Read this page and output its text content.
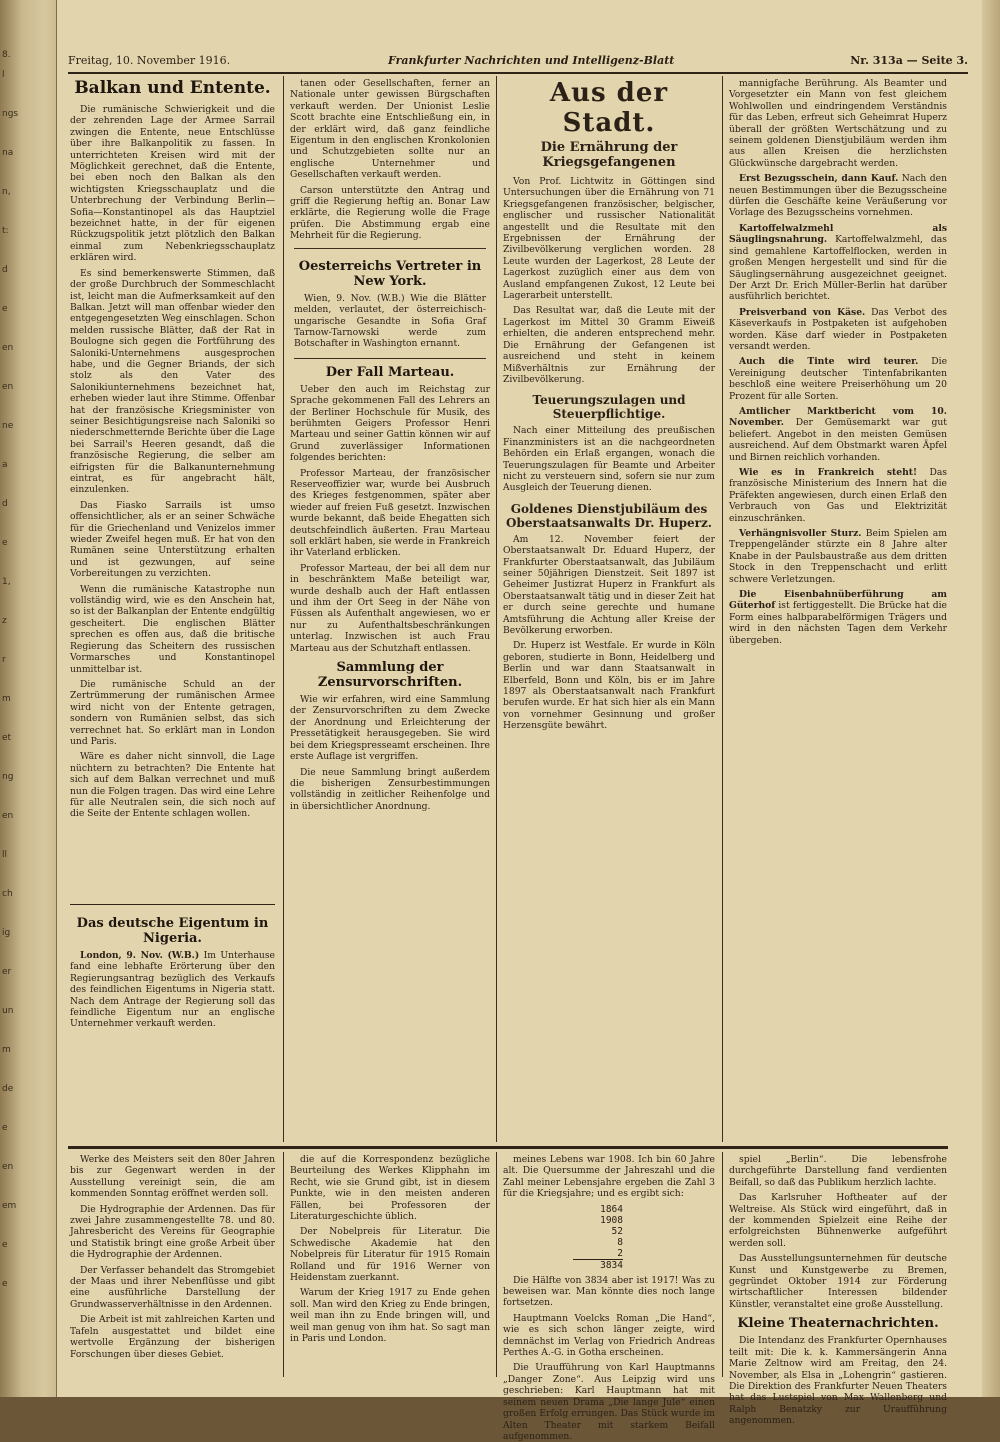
8.
l
ngs
na
n,
t:
d
e
en
en
ne
a
d
e
1,
z
r
m
et
ng
en
ll
ch
ig
er
un
m
de
e
en
em
e
e
Freitag, 10. November 1916.	Frankfurter Nachrichten und Intelligenz-Blatt	Nr. 313a — Seite 3.
Balkan und Entente.

Die rumänische Schwierigkeit und die der zehrenden Lage der Armee Sarrail zwingen die Entente, neue Entschlüsse über ihre Balkanpolitik zu fassen. In unterrichteten Kreisen wird mit der Möglichkeit gerechnet, daß die Entente, bei eben noch den Balkan als den wichtigsten Kriegsschauplatz und die Unterbrechung der Verbindung Berlin—Sofia—Konstantinopel als das Hauptziel bezeichnet hatte, in der für eigenen Rückzugspolitik jetzt plötzlich den Balkan einmal zum Nebenkriegsschauplatz erklären wird.

Es sind bemerkenswerte Stimmen, daß der große Durchbruch der Sommeschlacht ist, leicht man die Aufmerksamkeit auf den Balkan. Jetzt will man offenbar wieder den entgegengesetzten Weg einschlagen. Schon melden russische Blätter, daß der Rat in Boulogne sich gegen die Fortführung des Saloniki-Unternehmens ausgesprochen habe, und die Gegner Briands, der sich stolz als den Vater des Salonikiunternehmens bezeichnet hat, erheben wieder laut ihre Stimme. Offenbar hat der französische Kriegsminister von seiner Besichtigungsreise nach Saloniki so niederschmetternde Berichte über die Lage bei Sarrail's Heeren gesandt, daß die französische Regierung, die selber am eifrigsten für die Balkanunternehmung eintrat, es für angebracht hält, einzulenken.

Das Fiasko Sarrails ist umso offensichtlicher, als er an seiner Schwäche für die Griechenland und Venizelos immer wieder Zweifel hegen muß. Er hat von den Rumänen seine Unterstützung erhalten und ist gezwungen, auf seine Vorbereitungen zu verzichten.

Wenn die rumänische Katastrophe nun vollständig wird, wie es den Anschein hat, so ist der Balkanplan der Entente endgültig gescheitert. Die englischen Blätter sprechen es offen aus, daß die britische Regierung das Scheitern des russischen Vormarsches und Konstantinopel unmittelbar ist.

Die rumänische Schuld an der Zertrümmerung der rumänischen Armee wird nicht von der Entente getragen, sondern von Rumänien selbst, das sich verrechnet hat. So erklärt man in London und Paris.

Wäre es daher nicht sinnvoll, die Lage nüchtern zu betrachten? Die Entente hat sich auf dem Balkan verrechnet und muß nun die Folgen tragen. Das wird eine Lehre für alle Neutralen sein, die sich noch auf die Seite der Entente schlagen wollen.

Das deutsche Eigentum in Nigeria.

London, 9. Nov. (W.B.) Im Unterhause fand eine lebhafte Erörterung über den Regierungsantrag bezüglich des Verkaufs des feindlichen Eigentums in Nigeria statt. Nach dem Antrage der Regierung soll das feindliche Eigentum nur an englische Unternehmer verkauft werden.

tanen oder Gesellschaften, ferner an Nationale unter gewissen Bürgschaften verkauft werden. Der Unionist Leslie Scott brachte eine Entschließung ein, in der erklärt wird, daß ganz feindliche Eigentum in den englischen Kronkolonien und Schutzgebieten sollte nur an englische Unternehmer und Gesellschaften verkauft werden.

Carson unterstützte den Antrag und griff die Regierung heftig an. Bonar Law erklärte, die Regierung wolle die Frage prüfen. Die Abstimmung ergab eine Mehrheit für die Regierung.

Oesterreichs Vertreter in New York.

Wien, 9. Nov. (W.B.) Wie die Blätter melden, verlautet, der österreichisch-ungarische Gesandte in Sofia Graf Tarnow-Tarnowski werde zum Botschafter in Washington ernannt.

Der Fall Marteau.

Ueber den auch im Reichstag zur Sprache gekommenen Fall des Lehrers an der Berliner Hochschule für Musik, des berühmten Geigers Professor Henri Marteau und seiner Gattin können wir auf Grund zuverlässiger Informationen folgendes berichten:

Professor Marteau, der französischer Reserveoffizier war, wurde bei Ausbruch des Krieges festgenommen, später aber wieder auf freien Fuß gesetzt. Inzwischen wurde bekannt, daß beide Ehegatten sich deutschfeindlich äußerten. Frau Marteau soll erklärt haben, sie werde in Frankreich ihr Vaterland erblicken.

Professor Marteau, der bei all dem nur in beschränktem Maße beteiligt war, wurde deshalb auch der Haft entlassen und ihm der Ort Seeg in der Nähe von Füssen als Aufenthalt angewiesen, wo er nur zu Aufenthaltsbeschränkungen unterlag. Inzwischen ist auch Frau Marteau aus der Schutzhaft entlassen.

Sammlung der Zensurvorschriften.

Wie wir erfahren, wird eine Sammlung der Zensurvorschriften zu dem Zwecke der Anordnung und Erleichterung der Pressetätigkeit herausgegeben. Sie wird bei dem Kriegspresseamt erscheinen. Ihre erste Auflage ist vergriffen.

Die neue Sammlung bringt außerdem die bisherigen Zensurbestimmungen vollständig in zeitlicher Reihenfolge und in übersichtlicher Anordnung.

Aus der Stadt.
Die Ernährung der Kriegsgefangenen

Von Prof. Lichtwitz in Göttingen sind Untersuchungen über die Ernährung von 71 Kriegsgefangenen französischer, belgischer, englischer und russischer Nationalität angestellt und die Resultate mit den Ergebnissen der Ernährung der Zivilbevölkerung verglichen worden. 28 Leute wurden der Lagerkost, 28 Leute der Lagerkost zuzüglich einer aus dem von Ausland empfangenen Zukost, 12 Leute bei Lagerarbeit unterstellt.

Das Resultat war, daß die Leute mit der Lagerkost im Mittel 30 Gramm Eiweiß erhielten, die anderen entsprechend mehr. Die Ernährung der Gefangenen ist ausreichend und steht in keinem Mißverhältnis zur Ernährung der Zivilbevölkerung.

Teuerungszulagen und Steuerpflichtige.

Nach einer Mitteilung des preußischen Finanzministers ist an die nachgeordneten Behörden ein Erlaß ergangen, wonach die Teuerungszulagen für Beamte und Arbeiter nicht zu versteuern sind, sofern sie nur zum Ausgleich der Teuerung dienen.

Goldenes Dienstjubiläum des Oberstaatsanwalts Dr. Huperz.

Am 12. November feiert der Oberstaatsanwalt Dr. Eduard Huperz, der Frankfurter Oberstaatsanwalt, das Jubiläum seiner 50jährigen Dienstzeit. Seit 1897 ist Geheimer Justizrat Huperz in Frankfurt als Oberstaatsanwalt tätig und in dieser Zeit hat er durch seine gerechte und humane Amtsführung die Achtung aller Kreise der Bevölkerung erworben.

Dr. Huperz ist Westfale. Er wurde in Köln geboren, studierte in Bonn, Heidelberg und Berlin und war dann Staatsanwalt in Elberfeld, Bonn und Köln, bis er im Jahre 1897 als Oberstaatsanwalt nach Frankfurt berufen wurde. Er hat sich hier als ein Mann von vornehmer Gesinnung und großer Herzensgüte bewährt.

mannigfache Berührung. Als Beamter und Vorgesetzter ein Mann von fest gleichem Wohlwollen und eindringendem Verständnis für das Leben, erfreut sich Geheimrat Huperz überall der größten Wertschätzung und zu seinem goldenen Dienstjubiläum werden ihm aus allen Kreisen die herzlichsten Glückwünsche dargebracht werden.

Erst Bezugsschein, dann Kauf. Nach den neuen Bestimmungen über die Bezugsscheine dürfen die Geschäfte keine Veräußerung vor Vorlage des Bezugsscheins vornehmen.

Kartoffelwalzmehl als Säuglingsnahrung. Kartoffelwalzmehl, das sind gemahlene Kartoffelflocken, werden in großen Mengen hergestellt und sind für die Säuglingsernährung ausgezeichnet geeignet. Der Arzt Dr. Erich Müller-Berlin hat darüber ausführlich berichtet.

Preisverband von Käse. Das Verbot des Käseverkaufs in Postpaketen ist aufgehoben worden. Käse darf wieder in Postpaketen versandt werden.

Auch die Tinte wird teurer. Die Vereinigung deutscher Tintenfabrikanten beschloß eine weitere Preiserhöhung um 20 Prozent für alle Sorten.

Amtlicher Marktbericht vom 10. November. Der Gemüsemarkt war gut beliefert. Angebot in den meisten Gemüsen ausreichend. Auf dem Obstmarkt waren Äpfel und Birnen reichlich vorhanden.

Wie es in Frankreich steht! Das französische Ministerium des Innern hat die Präfekten angewiesen, durch einen Erlaß den Verbrauch von Gas und Elektrizität einzuschränken.

Verhängnisvoller Sturz. Beim Spielen am Treppengeländer stürzte ein 8 Jahre alter Knabe in der Paulsbaustraße aus dem dritten Stock in den Treppenschacht und erlitt schwere Verletzungen.

Die Eisenbahnüberführung am Güterhof ist fertiggestellt. Die Brücke hat die Form eines halbparabelförmigen Trägers und wird in den nächsten Tagen dem Verkehr übergeben.

Werke des Meisters seit den 80er Jahren bis zur Gegenwart werden in der Ausstellung vereinigt sein, die am kommenden Sonntag eröffnet werden soll.

Die Hydrographie der Ardennen. Das für zwei Jahre zusammengestellte 78. und 80. Jahresbericht des Vereins für Geographie und Statistik bringt eine große Arbeit über die Hydrographie der Ardennen.

Der Verfasser behandelt das Stromgebiet der Maas und ihrer Nebenflüsse und gibt eine ausführliche Darstellung der Grundwasserverhältnisse in den Ardennen.

Die Arbeit ist mit zahlreichen Karten und Tafeln ausgestattet und bildet eine wertvolle Ergänzung der bisherigen Forschungen über dieses Gebiet.

die auf die Korrespondenz bezügliche Beurteilung des Werkes Klipphahn im Recht, wie sie Grund gibt, ist in diesem Punkte, wie in den meisten anderen Fällen, bei Professoren der Literaturgeschichte üblich.

Der Nobelpreis für Literatur. Die Schwedische Akademie hat den Nobelpreis für Literatur für 1915 Romain Rolland und für 1916 Werner von Heidenstam zuerkannt.

Warum der Krieg 1917 zu Ende gehen soll. Man wird den Krieg zu Ende bringen, weil man ihn zu Ende bringen will, und weil man genug von ihm hat. So sagt man in Paris und London.

meines Lebens war 1908. Ich bin 60 Jahre alt. Die Quersumme der Jahreszahl und die Zahl meiner Lebensjahre ergeben die Zahl 3 für die Kriegsjahre; und es ergibt sich:

1864
1908
52
8
2
3834

Die Hälfte von 3834 aber ist 1917! Was zu beweisen war. Man könnte dies noch lange fortsetzen.

Hauptmann Voelcks Roman „Die Hand“, wie es sich schon länger zeigte, wird demnächst im Verlag von Friedrich Andreas Perthes A.-G. in Gotha erscheinen.

Die Uraufführung von Karl Hauptmanns „Danger Zone“. Aus Leipzig wird uns geschrieben: Karl Hauptmann hat mit seinem neuen Drama „Die lange Jule“ einen großen Erfolg errungen. Das Stück wurde im Alten Theater mit starkem Beifall aufgenommen.

spiel „Berlin“. Die lebensfrohe durchgeführte Darstellung fand verdienten Beifall, so daß das Publikum herzlich lachte.

Das Karlsruher Hoftheater auf der Weltreise. Als Stück wird eingeführt, daß in der kommenden Spielzeit eine Reihe der erfolgreichsten Bühnenwerke aufgeführt werden soll.

Das Ausstellungsunternehmen für deutsche Kunst und Kunstgewerbe zu Bremen, gegründet Oktober 1914 zur Förderung wirtschaftlicher Interessen bildender Künstler, veranstaltet eine große Ausstellung.

Kleine Theaternachrichten.

Die Intendanz des Frankfurter Opernhauses teilt mit: Die k. k. Kammersängerin Anna Marie Zeltnow wird am Freitag, den 24. November, als Elsa in „Lohengrin“ gastieren. Die Direktion des Frankfurter Neuen Theaters hat das Lustspiel von Max Wallenberg und Ralph Benatzky zur Uraufführung angenommen.
